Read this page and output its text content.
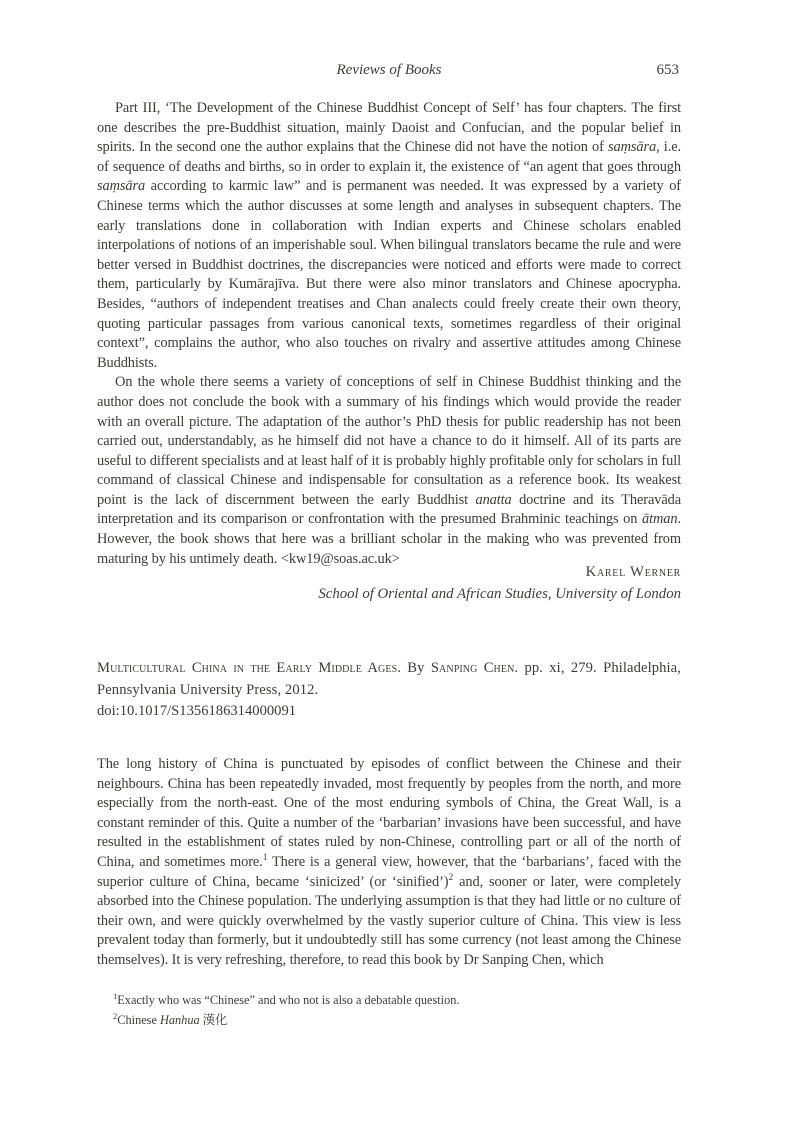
Reviews of Books	653

Part III, ‘The Development of the Chinese Buddhist Concept of Self’ has four chapters. The first one describes the pre-Buddhist situation, mainly Daoist and Confucian, and the popular belief in spirits. In the second one the author explains that the Chinese did not have the notion of saṃsāra, i.e. of sequence of deaths and births, so in order to explain it, the existence of “an agent that goes through saṃsāra according to karmic law” and is permanent was needed. It was expressed by a variety of Chinese terms which the author discusses at some length and analyses in subsequent chapters. The early translations done in collaboration with Indian experts and Chinese scholars enabled interpolations of notions of an imperishable soul. When bilingual translators became the rule and were better versed in Buddhist doctrines, the discrepancies were noticed and efforts were made to correct them, particularly by Kumārajīva. But there were also minor translators and Chinese apocrypha. Besides, “authors of independent treatises and Chan analects could freely create their own theory, quoting particular passages from various canonical texts, sometimes regardless of their original context”, complains the author, who also touches on rivalry and assertive attitudes among Chinese Buddhists.

On the whole there seems a variety of conceptions of self in Chinese Buddhist thinking and the author does not conclude the book with a summary of his findings which would provide the reader with an overall picture. The adaptation of the author’s PhD thesis for public readership has not been carried out, understandably, as he himself did not have a chance to do it himself. All of its parts are useful to different specialists and at least half of it is probably highly profitable only for scholars in full command of classical Chinese and indispensable for consultation as a reference book. Its weakest point is the lack of discernment between the early Buddhist anatta doctrine and its Theravāda interpretation and its comparison or confrontation with the presumed Brahminic teachings on ātman. However, the book shows that here was a brilliant scholar in the making who was prevented from maturing by his untimely death. <kw19@soas.ac.uk>

Karel Werner
School of Oriental and African Studies, University of London

Multicultural China in the Early Middle Ages. By Sanping Chen. pp. xi, 279. Philadelphia, Pennsylvania University Press, 2012.

doi:10.1017/S1356186314000091

The long history of China is punctuated by episodes of conflict between the Chinese and their neighbours. China has been repeatedly invaded, most frequently by peoples from the north, and more especially from the north-east. One of the most enduring symbols of China, the Great Wall, is a constant reminder of this. Quite a number of the ‘barbarian’ invasions have been successful, and have resulted in the establishment of states ruled by non-Chinese, controlling part or all of the north of China, and sometimes more.$^1$ There is a general view, however, that the ‘barbarians’, faced with the superior culture of China, became ‘sinicized’ (or ‘sinified’)$^2$ and, sooner or later, were completely absorbed into the Chinese population. The underlying assumption is that they had little or no culture of their own, and were quickly overwhelmed by the vastly superior culture of China. This view is less prevalent today than formerly, but it undoubtedly still has some currency (not least among the Chinese themselves). It is very refreshing, therefore, to read this book by Dr Sanping Chen, which

$^1$Exactly who was “Chinese” and who not is also a debatable question.

$^2$Chinese Hanhua 漢化
